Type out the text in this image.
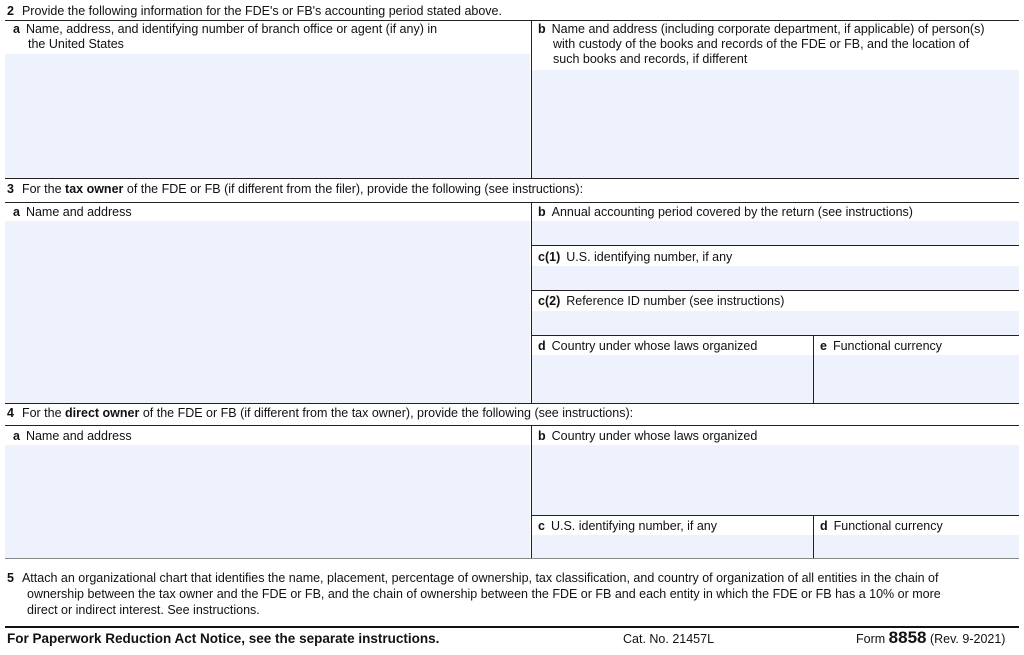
2 Provide the following information for the FDE's or FB's accounting period stated above.
a Name, address, and identifying number of branch office or agent (if any) in
the United States
b Name and address (including corporate department, if applicable) of person(s)
with custody of the books and records of the FDE or FB, and the location of
such books and records, if different
3 For the tax owner of the FDE or FB (if different from the filer), provide the following (see instructions):
a Name and address	b Annual accounting period covered by the return (see instructions)
c(1) U.S. identifying number, if any
c(2) Reference ID number (see instructions)
d Country under whose laws organized	e Functional currency
4 For the direct owner of the FDE or FB (if different from the tax owner), provide the following (see instructions):
a Name and address	b Country under whose laws organized
c U.S. identifying number, if any	d Functional currency
5 Attach an organizational chart that identifies the name, placement, percentage of ownership, tax classification, and country of organization of all entities in the chain of
ownership between the tax owner and the FDE or FB, and the chain of ownership between the FDE or FB and each entity in which the FDE or FB has a 10% or more
direct or indirect interest. See instructions.
For Paperwork Reduction Act Notice, see the separate instructions.	Cat. No. 21457L	Form 8858 (Rev. 9-2021)
